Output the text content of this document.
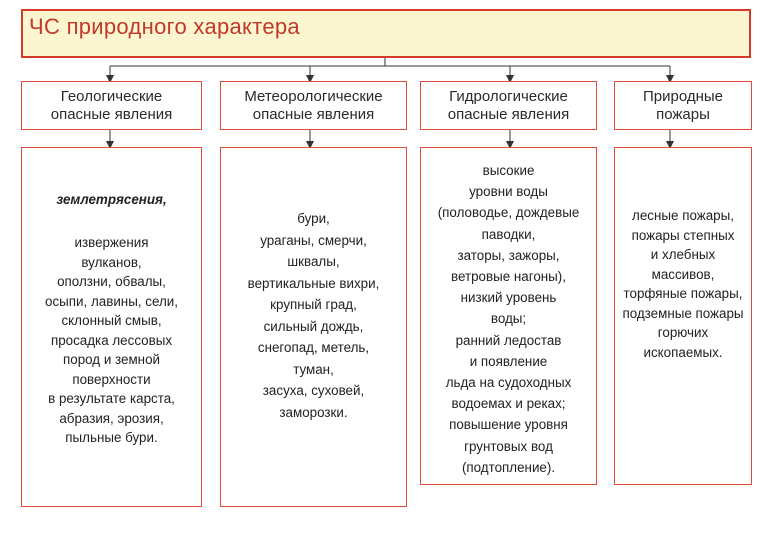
ЧС природного характера
Геологические
опасные явления
Метеорологические
опасные явления
Гидрологические
опасные явления
Природные
пожары
землетрясения,
извержения
вулканов,
оползни, обвалы,
осыпи, лавины, сели,
склонный смыв,
просадка лессовых
пород и земной
поверхности
в результате карста,
абразия, эрозия,
пыльные бури.
бури,
ураганы, смерчи,
шквалы,
вертикальные вихри,
крупный град,
сильный дождь,
снегопад, метель,
туман,
засуха, суховей,
заморозки.
высокие
уровни воды
(половодье, дождевые
паводки,
заторы, зажоры,
ветровые нагоны),
низкий уровень
воды;
ранний ледостав
и появление
льда на судоходных
водоемах и реках;
повышение уровня
грунтовых вод
(подтопление).
лесные пожары,
пожары степных
и хлебных
массивов,
торфяные пожары,
подземные пожары
горючих
ископаемых.
